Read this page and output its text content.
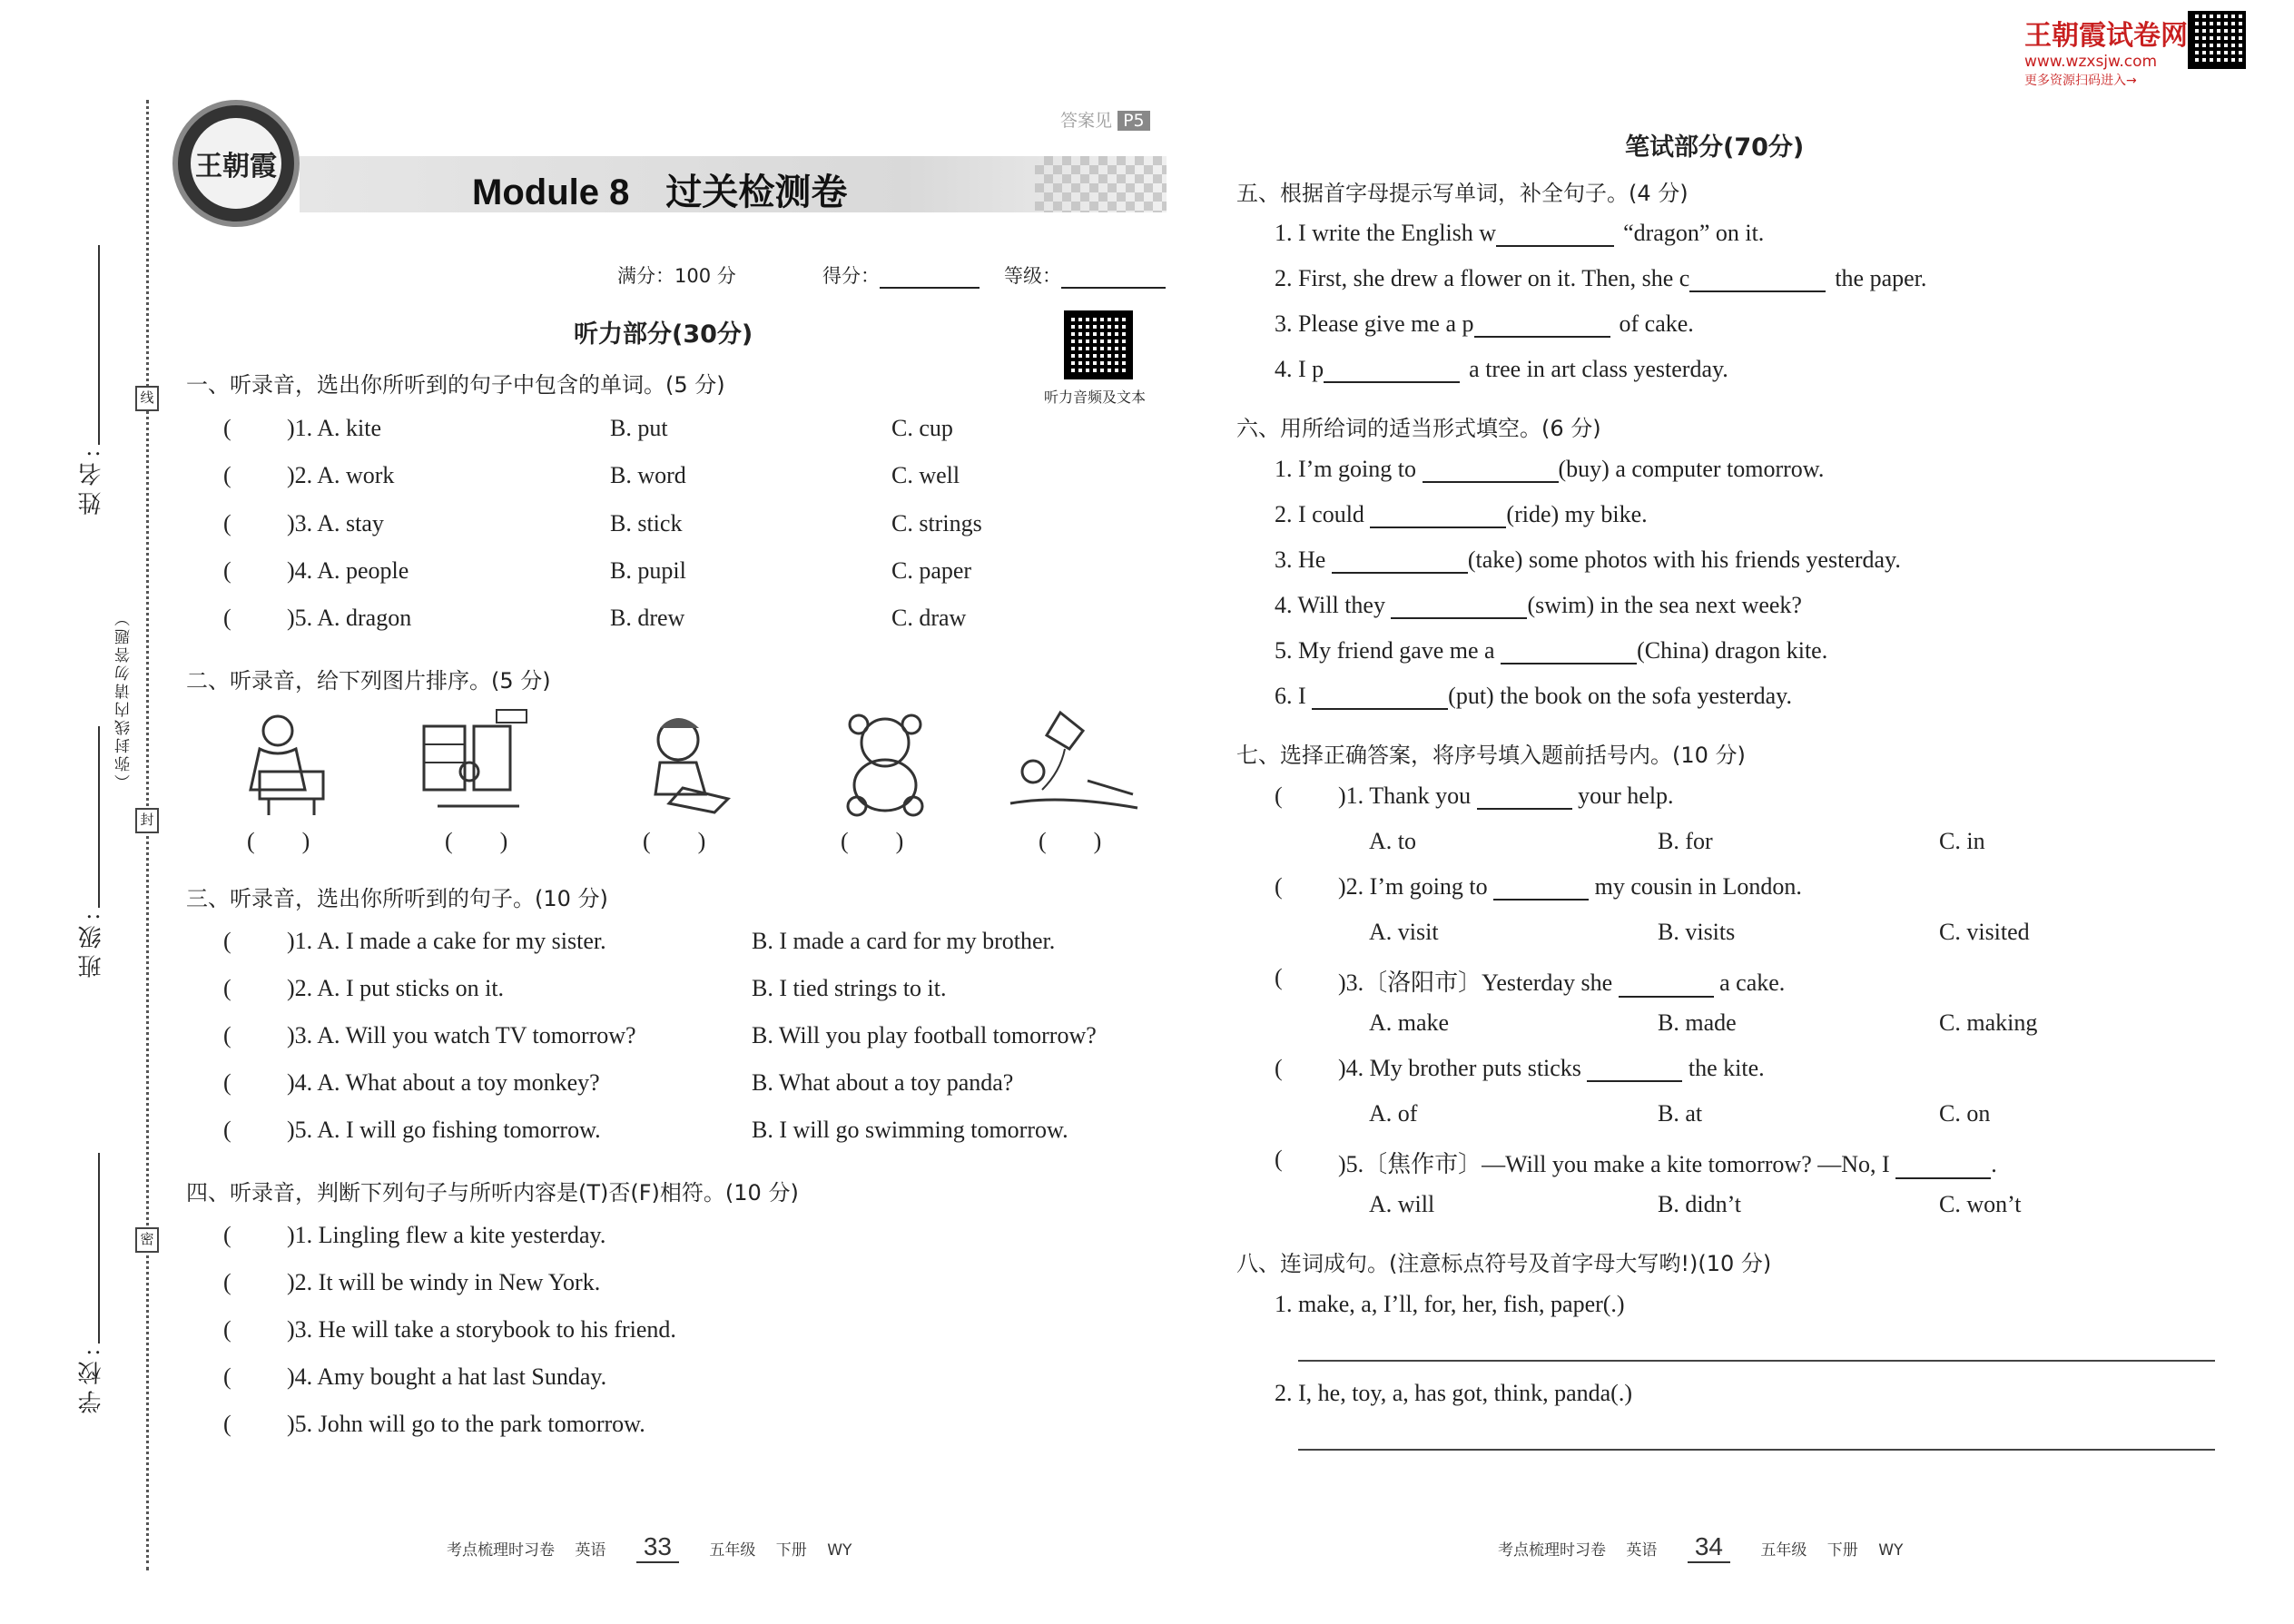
王朝霞试卷网
www.wzxsjw.com
更多资源扫码进入→
姓名:
班级:
学校:
（弥封线内请勿答题）
线
封
密
王朝霞
Module 8　过关检测卷
答案见 P5
满分：100 分	得分：	等级：
听力部分(30分)
听力音频及文本
一、听录音，选出你所听到的句子中包含的单词。(5 分)
( )1. A. kite	B. put	C. cup
( )2. A. work	B. word	C. well
( )3. A. stay	B. stick	C. strings
( )4. A. people	B. pupil	C. paper
( )5. A. dragon	B. drew	C. draw
二、听录音，给下列图片排序。(5 分)
(　　)	(　　)	(　　)	(　　)	(　　)
三、听录音，选出你所听到的句子。(10 分)
( )1. A. I made a cake for my sister.	B. I made a card for my brother.
( )2. A. I put sticks on it.	B. I tied strings to it.
( )3. A. Will you watch TV tomorrow?	B. Will you play football tomorrow?
( )4. A. What about a toy monkey?	B. What about a toy panda?
( )5. A. I will go fishing tomorrow.	B. I will go swimming tomorrow.
四、听录音，判断下列句子与所听内容是(T)否(F)相符。(10 分)
( )1. Lingling flew a kite yesterday.
( )2. It will be windy in New York.
( )3. He will take a storybook to his friend.
( )4. Amy bought a hat last Sunday.
( )5. John will go to the park tomorrow.
笔试部分(70分)
五、根据首字母提示写单词，补全句子。(4 分)
1. I write the English w	“dragon” on it.
2. First, she drew a flower on it. Then, she c	the paper.
3. Please give me a p	of cake.
4. I p	a tree in art class yesterday.
六、用所给词的适当形式填空。(6 分)
1. I’m going to	(buy) a computer tomorrow.
2. I could	(ride) my bike.
3. He	(take) some photos with his friends yesterday.
4. Will they	(swim) in the sea next week?
5. My friend gave me a	(China) dragon kite.
6. I	(put) the book on the sofa yesterday.
七、选择正确答案，将序号填入题前括号内。(10 分)
( )1. Thank you	your help.
A. to	B. for	C. in
( )2. I’m going to	my cousin in London.
A. visit	B. visits	C. visited
( )3.〔洛阳市〕Yesterday she	a cake.
A. make	B. made	C. making
( )4. My brother puts sticks	the kite.
A. of	B. at	C. on
( )5.〔焦作市〕—Will you make a kite tomorrow? —No, I	.
A. will	B. didn’t	C. won’t
八、连词成句。(注意标点符号及首字母大写哟!)(10 分)
1. make, a, I’ll, for, her, fish, paper(.)
2. I, he, toy, a, has got, think, panda(.)
考点梳理时习卷　 英语 33 五年级　 下册　 WY	考点梳理时习卷　 英语 34 五年级　 下册　 WY
